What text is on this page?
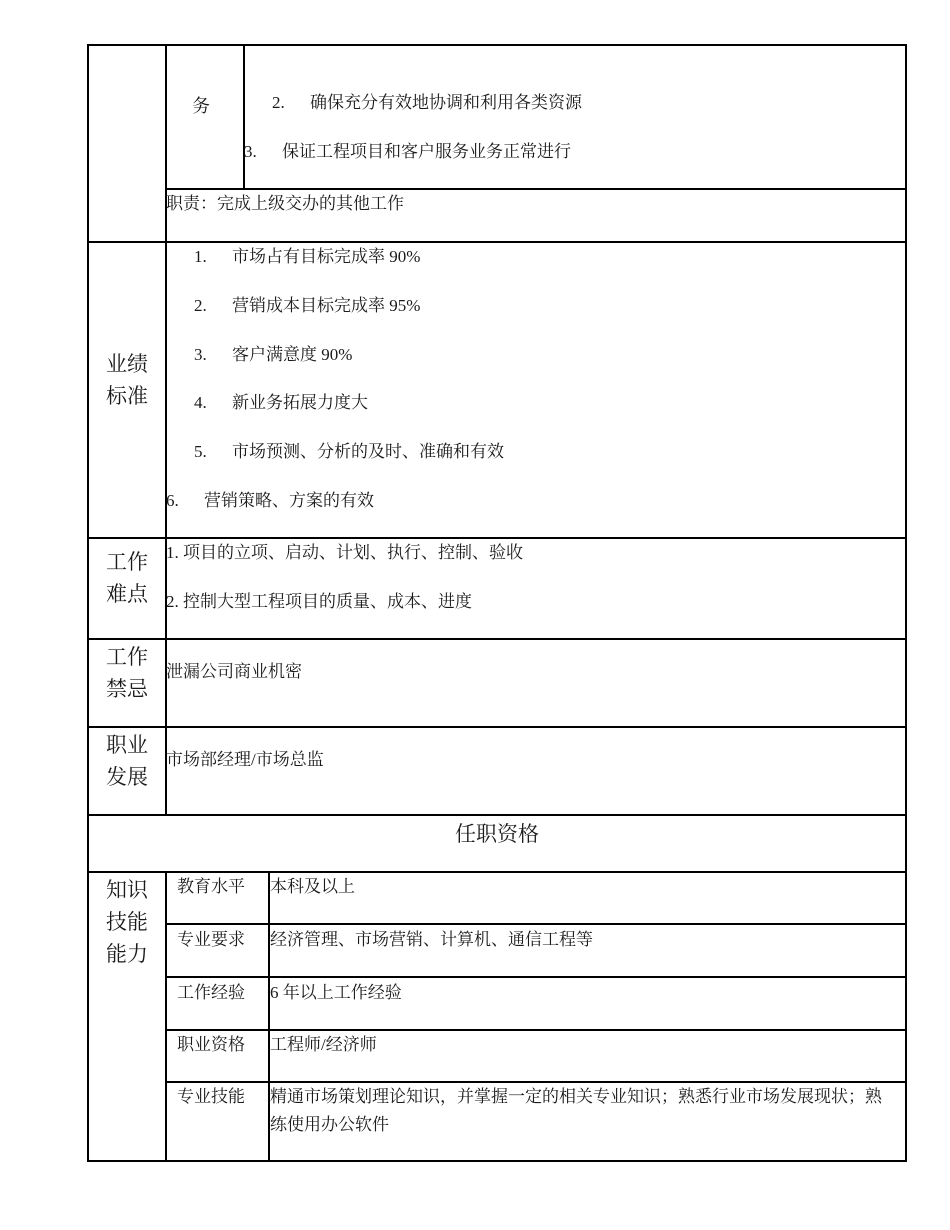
务	2. 确保充分有效地协调和利用各类资源
3. 保证工程项目和客户服务业务正常进行
职责：完成上级交办的其他工作
业绩
标准
1. 市场占有目标完成率 90%
2. 营销成本目标完成率 95%
3. 客户满意度 90%
4. 新业务拓展力度大
5. 市场预测、分析的及时、准确和有效
6. 营销策略、方案的有效
工作
难点
1. 项目的立项、启动、计划、执行、控制、验收
2. 控制大型工程项目的质量、成本、进度
工作
禁忌
泄漏公司商业机密
职业
发展
市场部经理/市场总监
任职资格
知识
技能
能力
教育水平 本科及以上
专业要求 经济管理、市场营销、计算机、通信工程等
工作经验 6 年以上工作经验
职业资格 工程师/经济师
专业技能 精通市场策划理论知识，并掌握一定的相关专业知识；熟悉行业市场发展现状；熟练使用办公软件
